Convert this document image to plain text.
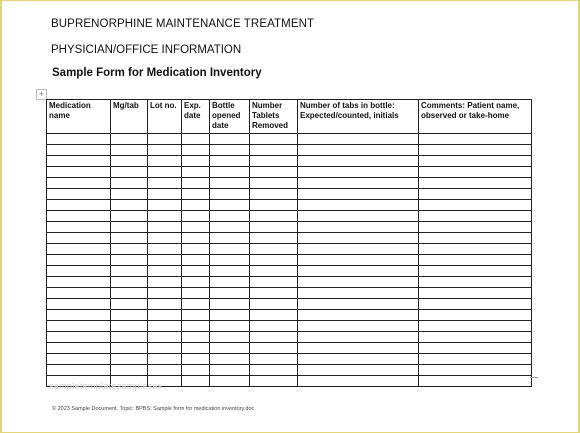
BUPRENORPHINE MAINTENANCE TREATMENT
PHYSICIAN/OFFICE INFORMATION
Sample Form for Medication Inventory
+
Medication name	Mg/tab	Lot no.	Exp. date	Bottle opened date	Number Tablets Removed	Number of tabs in bottle: Expected/counted, initials	Comments: Patient name, observed or take-home

ѕаmрlеtеmрlаtеѕаmрlеѕаѕ
© 2023 Sample Document. Topic: BPBS: Sample form for medication inventory.doc
